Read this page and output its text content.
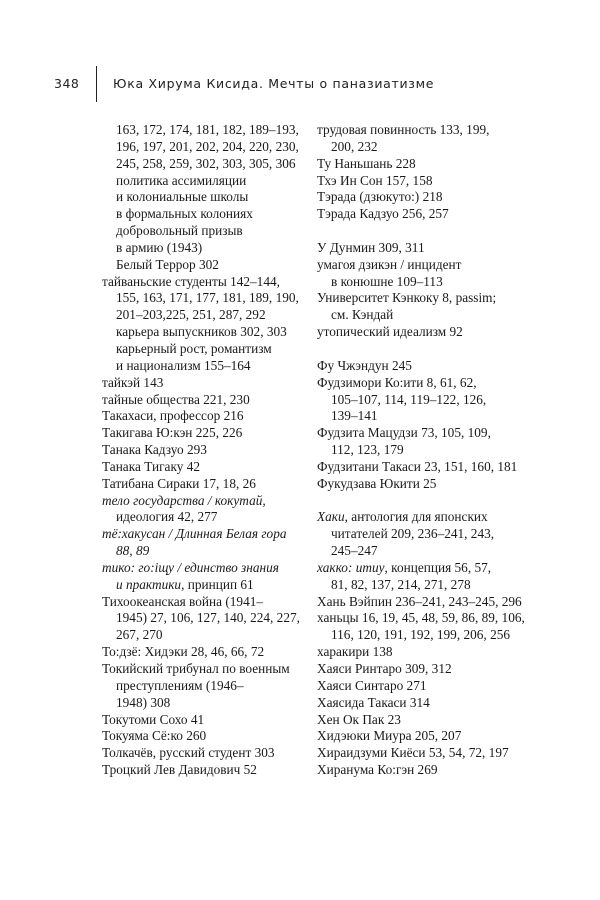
348	Юка Хирума Кисида. Мечты о паназиатизме
163, 172, 174, 181, 182, 189–193,
196, 197, 201, 202, 204, 220, 230,
245, 258, 259, 302, 303, 305, 306
политика ассимиляции
и колониальные школы
в формальных колониях
добровольный призыв
в армию (1943)
Белый Террор 302
тайваньские студенты 142–144,
155, 163, 171, 177, 181, 189, 190,
201–203,225, 251, 287, 292
карьера выпускников 302, 303
карьерный рост, романтизм
и национализм 155–164
тайкэй 143
тайные общества 221, 230
Такахаси, профессор 216
Такигава Ю:кэн 225, 226
Танака Кадзуо 293
Танака Тигаку 42
Татибана Сираки 17, 18, 26
тело государства / кокутай,
идеология 42, 277
тё:хакусан / Длинная Белая гора
88, 89
тико: го:іщу / единство знания
и практики, принцип 61
Тихоокеанская война (1941–
1945) 27, 106, 127, 140, 224, 227,
267, 270
То:дзё: Хидэки 28, 46, 66, 72
Токийский трибунал по военным
преступлениям (1946–
1948) 308
Токутоми Сохо 41
Токуяма Сё:ко 260
Толкачёв, русский студент 303
Троцкий Лев Давидович 52
трудовая повинность 133, 199,
200, 232
Ту Наньшань 228
Тхэ Ин Сон 157, 158
Тэрада (дзюкуто:) 218
Тэрада Кадзуо 256, 257
У Дунмин 309, 311
умагоя дзикэн / инцидент
в конюшне 109–113
Университет Кэнкоку 8, passim;
см. Кэндай
утопический идеализм 92
Фу Чжэндун 245
Фудзимори Ко:ити 8, 61, 62,
105–107, 114, 119–122, 126,
139–141
Фудзита Мацудзи 73, 105, 109,
112, 123, 179
Фудзитани Такаси 23, 151, 160, 181
Фукудзава Юкити 25
Хаки, антология для японских
читателей 209, 236–241, 243,
245–247
хакко: итиу, концепция 56, 57,
81, 82, 137, 214, 271, 278
Хань Вэйпин 236–241, 243–245, 296
ханьцы 16, 19, 45, 48, 59, 86, 89, 106,
116, 120, 191, 192, 199, 206, 256
харакири 138
Хаяси Ринтаро 309, 312
Хаяси Синтаро 271
Хаясида Такаси 314
Хен Ок Пак 23
Хидэюки Миура 205, 207
Хираидзуми Киёси 53, 54, 72, 197
Хиранума Ко:гэн 269
